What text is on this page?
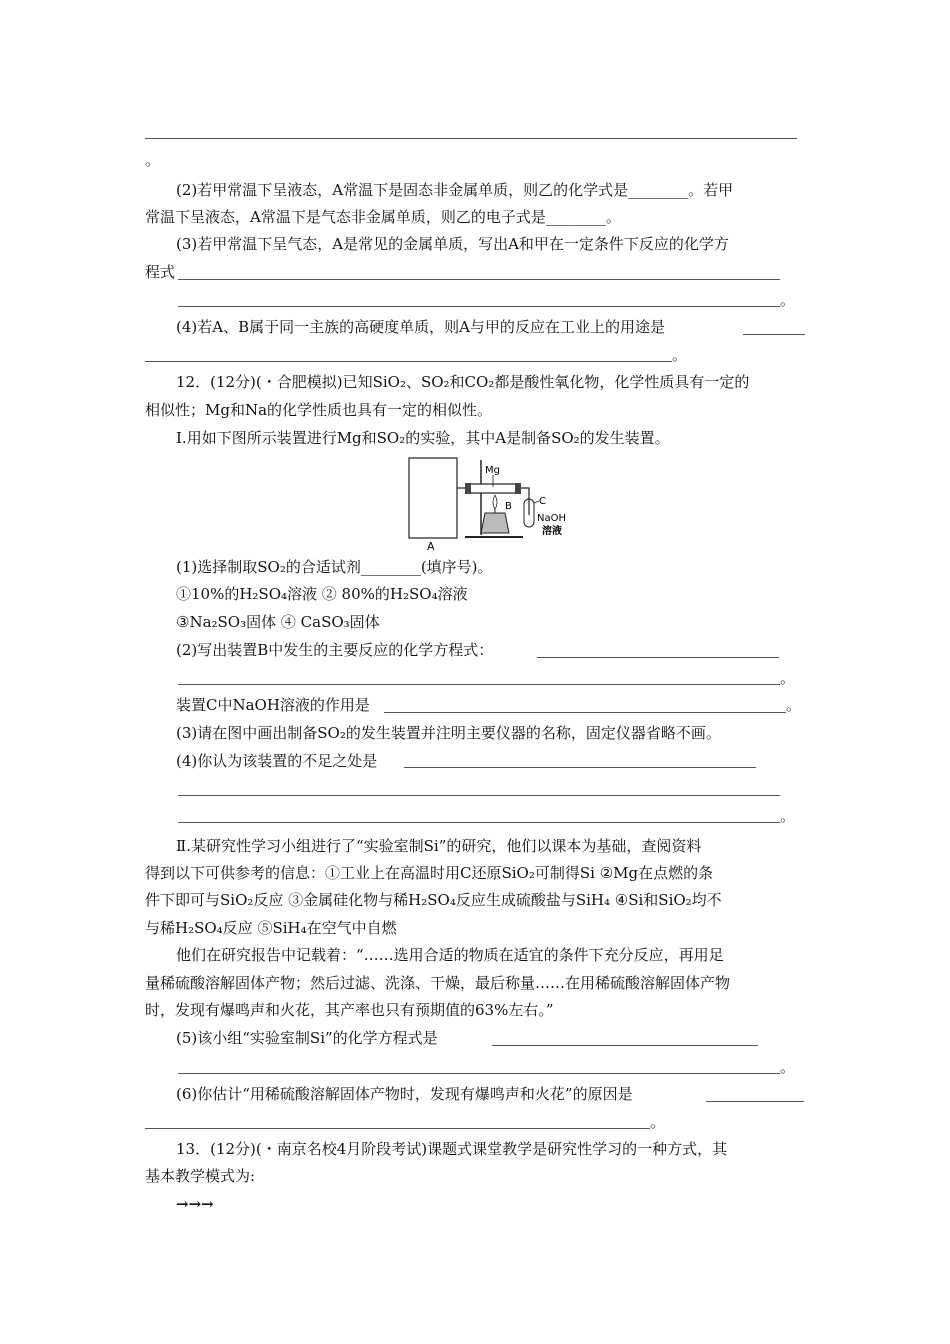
。
(2)若甲常温下呈液态，A常温下是固态非金属单质，则乙的化学式是________。若甲
常温下呈液态，A常温下是气态非金属单质，则乙的电子式是________。
(3)若甲常温下呈气态，A是常见的金属单质，写出A和甲在一定条件下反应的化学方
程式
。
(4)若A、B属于同一主族的高硬度单质，则A与甲的反应在工业上的用途是
。
12．(12分)(・合肥模拟)已知SiO₂、SO₂和CO₂都是酸性氧化物，化学性质具有一定的
相似性；Mg和Na的化学性质也具有一定的相似性。
Ⅰ.用如下图所示装置进行Mg和SO₂的实验，其中A是制备SO₂的发生装置。
A
Mg
B	C
NaOH
溶液
(1)选择制取SO₂的合适试剂________(填序号)。
①10%的H₂SO₄溶液 ② 80%的H₂SO₄溶液
③Na₂SO₃固体 ④ CaSO₃固体
(2)写出装置B中发生的主要反应的化学方程式：
。
装置C中NaOH溶液的作用是	。
(3)请在图中画出制备SO₂的发生装置并注明主要仪器的名称，固定仪器省略不画。
(4)你认为该装置的不足之处是
。
Ⅱ.某研究性学习小组进行了“实验室制Si”的研究，他们以课本为基础，查阅资料
得到以下可供参考的信息：①工业上在高温时用C还原SiO₂可制得Si ②Mg在点燃的条
件下即可与SiO₂反应 ③金属硅化物与稀H₂SO₄反应生成硫酸盐与SiH₄ ④Si和SiO₂均不
与稀H₂SO₄反应 ⑤SiH₄在空气中自燃
他们在研究报告中记载着：“……选用合适的物质在适宜的条件下充分反应，再用足
量稀硫酸溶解固体产物；然后过滤、洗涤、干燥，最后称量……在用稀硫酸溶解固体产物
时，发现有爆鸣声和火花，其产率也只有预期值的63%左右。”
(5)该小组“实验室制Si”的化学方程式是
。
(6)你估计“用稀硫酸溶解固体产物时，发现有爆鸣声和火花”的原因是
。
13．(12分)(・南京名校4月阶段考试)课题式课堂教学是研究性学习的一种方式，其
基本教学模式为:
→→→
